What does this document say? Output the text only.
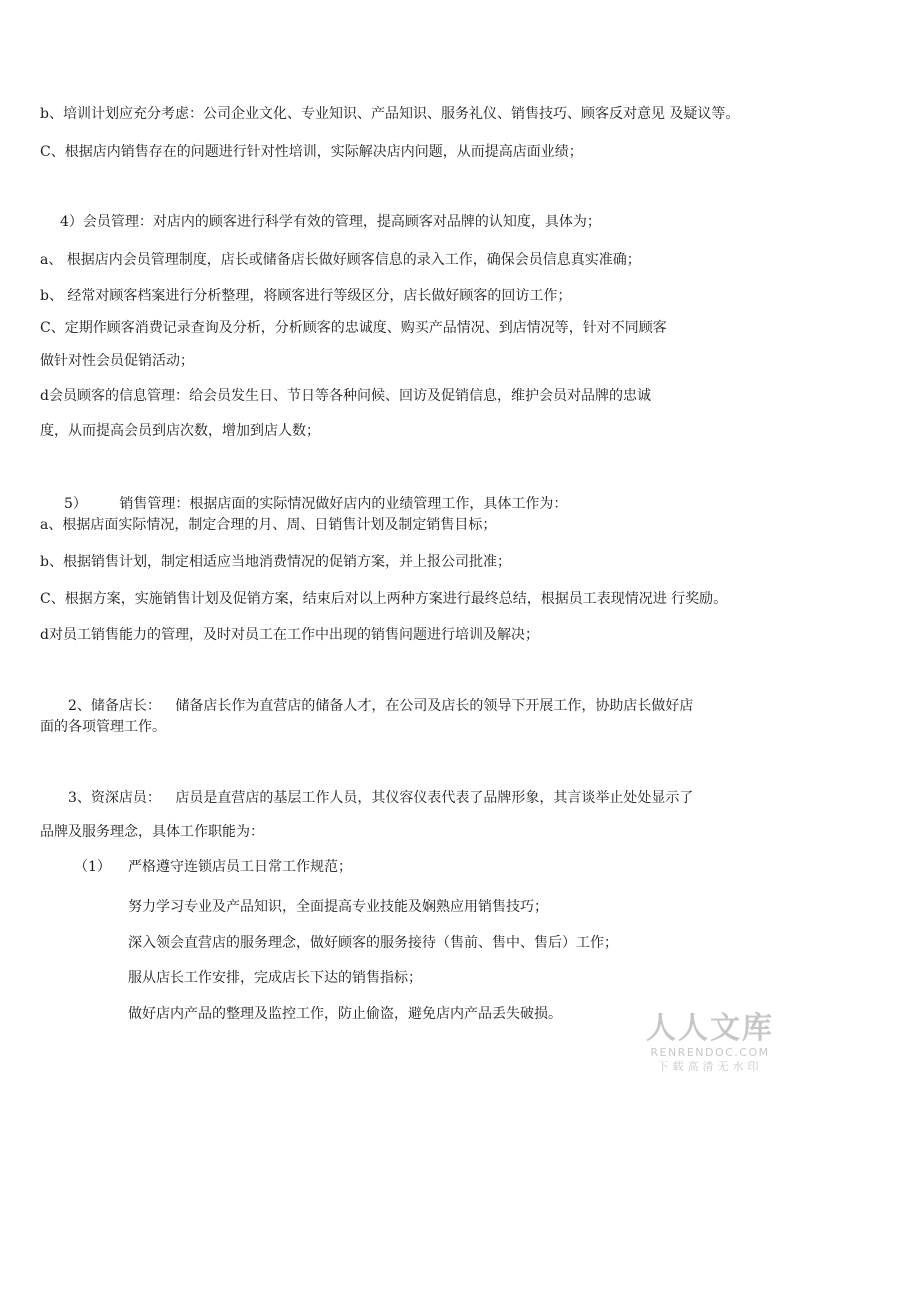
b、培训计划应充分考虑：公司企业文化、专业知识、产品知识、服务礼仪、销售技巧、顾客反对意见 及疑议等。
C、根据店内销售存在的问题进行针对性培训，实际解决店内问题，从而提高店面业绩；
4）会员管理：对店内的顾客进行科学有效的管理，提高顾客对品牌的认知度，具体为；
a、 根据店内会员管理制度，店长或储备店长做好顾客信息的录入工作，确保会员信息真实准确；
b、 经常对顾客档案进行分析整理，将顾客进行等级区分，店长做好顾客的回访工作；
C、定期作顾客消费记录查询及分析，分析顾客的忠诚度、购买产品情况、到店情况等，针对不同顾客
做针对性会员促销活动；
d会员顾客的信息管理：给会员发生日、节日等各种问候、回访及促销信息，维护会员对品牌的忠诚
度，从而提高会员到店次数，增加到店人数；
5） 销售管理：根据店面的实际情况做好店内的业绩管理工作，具体工作为：
a、根据店面实际情况，制定合理的月、周、日销售计划及制定销售目标；
b、根据销售计划，制定相适应当地消费情况的促销方案，并上报公司批准；
C、根据方案，实施销售计划及促销方案，结束后对以上两种方案进行最终总结，根据员工表现情况进 行奖励。
d对员工销售能力的管理，及时对员工在工作中出现的销售问题进行培训及解决；
2、储备店长： 储备店长作为直营店的储备人才，在公司及店长的领导下开展工作，协助店长做好店
面的各项管理工作。
3、资深店员： 店员是直营店的基层工作人员，其仪容仪表代表了品牌形象，其言谈举止处处显示了
品牌及服务理念，具体工作职能为：
（1） 严格遵守连锁店员工日常工作规范；
努力学习专业及产品知识，全面提高专业技能及娴熟应用销售技巧；
深入领会直营店的服务理念，做好顾客的服务接待（售前、售中、售后）工作；
服从店长工作安排，完成店长下达的销售指标；
做好店内产品的整理及监控工作，防止偷盗，避免店内产品丢失破损。	人人文库
RENRENDOC.COM
下载高清无水印
